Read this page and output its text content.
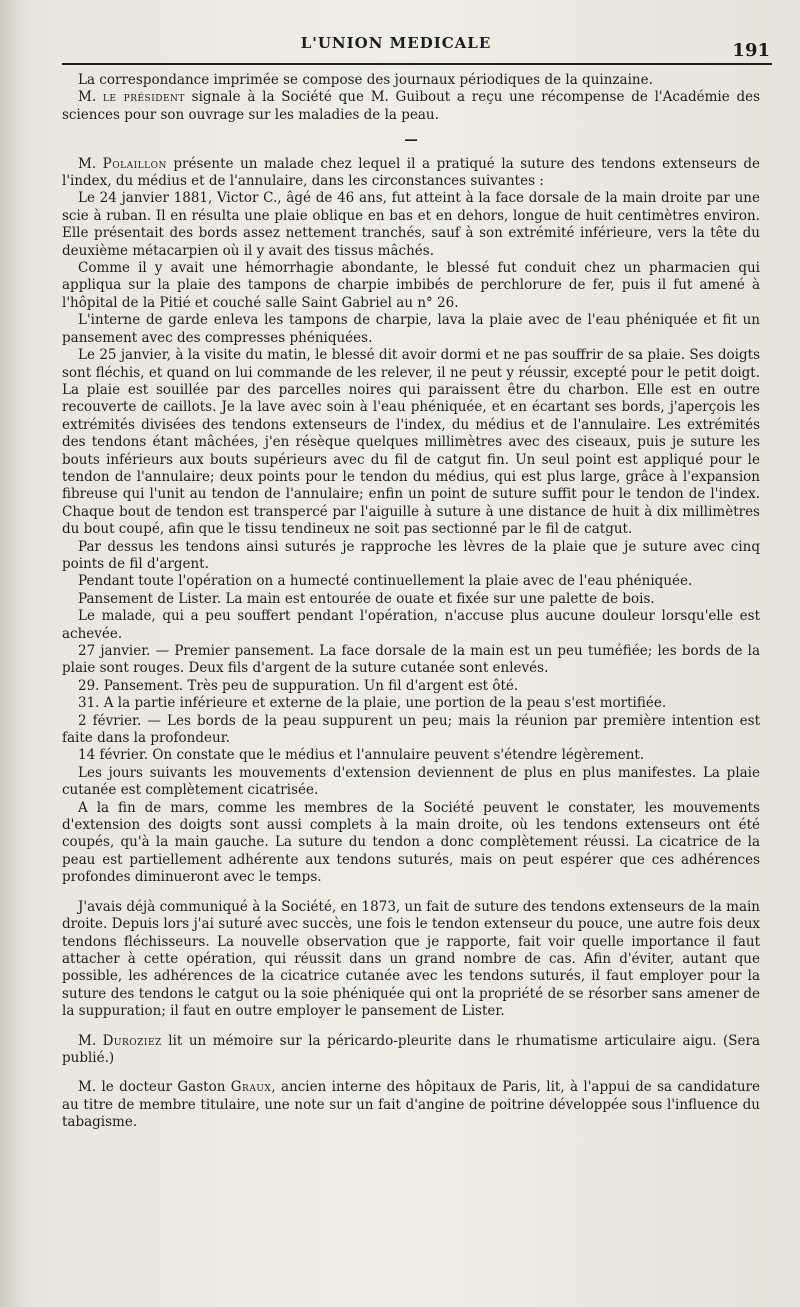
L'UNION MEDICALE	191

La correspondance imprimée se compose des journaux périodiques de la quinzaine.

M. le président signale à la Société que M. Guibout a reçu une récompense de l'Académie des sciences pour son ouvrage sur les maladies de la peau.

—

M. Polaillon présente un malade chez lequel il a pratiqué la suture des tendons extenseurs de l'index, du médius et de l'annulaire, dans les circonstances suivantes :

Le 24 janvier 1881, Victor C., âgé de 46 ans, fut atteint à la face dorsale de la main droite par une scie à ruban. Il en résulta une plaie oblique en bas et en dehors, longue de huit centimètres environ. Elle présentait des bords assez nettement tranchés, sauf à son extrémité inférieure, vers la tête du deuxième métacarpien où il y avait des tissus mâchés.

Comme il y avait une hémorrhagie abondante, le blessé fut conduit chez un pharmacien qui appliqua sur la plaie des tampons de charpie imbibés de perchlorure de fer, puis il fut amené à l'hôpital de la Pitié et couché salle Saint Gabriel au n° 26.

L'interne de garde enleva les tampons de charpie, lava la plaie avec de l'eau phéniquée et fit un pansement avec des compresses phéniquées.

Le 25 janvier, à la visite du matin, le blessé dit avoir dormi et ne pas souffrir de sa plaie. Ses doigts sont fléchis, et quand on lui commande de les relever, il ne peut y réussir, excepté pour le petit doigt. La plaie est souillée par des parcelles noires qui paraissent être du charbon. Elle est en outre recouverte de caillots. Je la lave avec soin à l'eau phéniquée, et en écartant ses bords, j'aperçois les extrémités divisées des tendons extenseurs de l'index, du médius et de l'annulaire. Les extrémités des tendons étant mâchées, j'en résèque quelques millimètres avec des ciseaux, puis je suture les bouts inférieurs aux bouts supérieurs avec du fil de catgut fin. Un seul point est appliqué pour le tendon de l'annulaire; deux points pour le tendon du médius, qui est plus large, grâce à l'expansion fibreuse qui l'unit au tendon de l'annulaire; enfin un point de suture suffit pour le tendon de l'index. Chaque bout de tendon est transpercé par l'aiguille à suture à une distance de huit à dix millimètres du bout coupé, afin que le tissu tendineux ne soit pas sectionné par le fil de catgut.

Par dessus les tendons ainsi suturés je rapproche les lèvres de la plaie que je suture avec cinq points de fil d'argent.

Pendant toute l'opération on a humecté continuellement la plaie avec de l'eau phéniquée.

Pansement de Lister. La main est entourée de ouate et fixée sur une palette de bois.

Le malade, qui a peu souffert pendant l'opération, n'accuse plus aucune douleur lorsqu'elle est achevée.

27 janvier. — Premier pansement. La face dorsale de la main est un peu tuméfiée; les bords de la plaie sont rouges. Deux fils d'argent de la suture cutanée sont enlevés.

29. Pansement. Très peu de suppuration. Un fil d'argent est ôté.

31. A la partie inférieure et externe de la plaie, une portion de la peau s'est mortifiée.

2 février. — Les bords de la peau suppurent un peu; mais la réunion par première intention est faite dans la profondeur.

14 février. On constate que le médius et l'annulaire peuvent s'étendre légèrement.

Les jours suivants les mouvements d'extension deviennent de plus en plus manifestes. La plaie cutanée est complètement cicatrisée.

A la fin de mars, comme les membres de la Société peuvent le constater, les mouvements d'extension des doigts sont aussi complets à la main droite, où les tendons extenseurs ont été coupés, qu'à la main gauche. La suture du tendon a donc complètement réussi. La cicatrice de la peau est partiellement adhérente aux tendons suturés, mais on peut espérer que ces adhérences profondes diminueront avec le temps.

J'avais déjà communiqué à la Société, en 1873, un fait de suture des tendons extenseurs de la main droite. Depuis lors j'ai suturé avec succès, une fois le tendon extenseur du pouce, une autre fois deux tendons fléchisseurs. La nouvelle observation que je rapporte, fait voir quelle importance il faut attacher à cette opération, qui réussit dans un grand nombre de cas. Afin d'éviter, autant que possible, les adhérences de la cicatrice cutanée avec les tendons suturés, il faut employer pour la suture des tendons le catgut ou la soie phéniquée qui ont la propriété de se résorber sans amener de la suppuration; il faut en outre employer le pansement de Lister.

M. Duroziez lit un mémoire sur la péricardo-pleurite dans le rhumatisme articulaire aigu. (Sera publié.)

M. le docteur Gaston Graux, ancien interne des hôpitaux de Paris, lit, à l'appui de sa candidature au titre de membre titulaire, une note sur un fait d'angine de poitrine développée sous l'influence du tabagisme.
